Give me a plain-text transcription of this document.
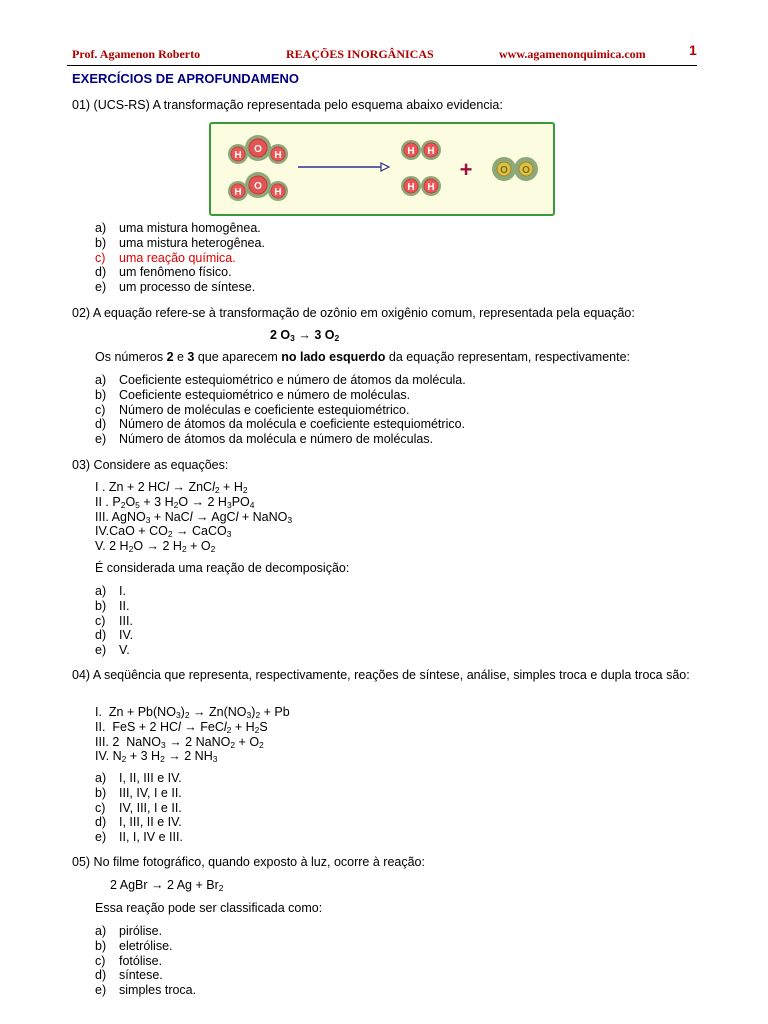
Prof. Agamenon Roberto	REAÇÕES INORGÂNICAS	www.agamenonquimica.com	1
EXERCÍCIOS DE APROFUNDAMENO
01) (UCS-RS) A transformação representada pelo esquema abaixo evidencia:
H	H
O
H	H
O
H H
H H
O O
+
a) uma mistura homogênea.
b) uma mistura heterogênea.
c) uma reação química.
d) um fenômeno físico.
e) um processo de síntese.
02) A equação refere-se à transformação de ozônio em oxigênio comum, representada pela equação:
2 $O_3 \to 3$ $O_2$
Os números 2 e 3 que aparecem no lado esquerdo da equação representam, respectivamente:
a) Coeficiente estequiométrico e número de átomos da molécula.
b) Coeficiente estequiométrico e número de moléculas.
c) Número de moléculas e coeficiente estequiométrico.
d) Número de átomos da molécula e coeficiente estequiométrico.
e) Número de átomos da molécula e número de moléculas.
03) Considere as equações:
I . Zn + 2 HCl → ZnCl$_2$ + $H_2$
II . $P_2O_5 + 3$ $H_2O \to 2$ $H_3PO_4$
III. AgNO$_3$ + NaCl → AgCl + NaNO$_3$
$IV.CaO + CO_2$ → CaCO$_3$
V. 2 $H_2O \to 2$ $H_2 + O_2$
É considerada uma reação de decomposição:
a) I.
b) II.
c) III.
d) IV.
e) V.
04) A seqüência que representa, respectivamente, reações de síntese, análise, simples troca e dupla troca são:
I.  $Zn + Pb(NO_3)_2 \to Zn(NO_3)_2 + Pb$
II.  FeS + 2 HCl → FeCl$_2$ + $H_2S$
III. 2  NaNO$_3$ → 2 NaNO$_2$ + $O_2$
IV. $N_2 + 3$ $H_2 \to 2$ $NH_3$
a) I, II, III e IV.
b) III, IV, I e II.
c) IV, III, I e II.
d) I, III, II e IV.
e) II, I, IV e III.
05) No filme fotográfico, quando exposto à luz, ocorre à reação:
2 AgBr → 2 $Ag + Br_2$
Essa reação pode ser classificada como:
a) pirólise.
b) eletrólise.
c) fotólise.
d) síntese.
e) simples troca.
